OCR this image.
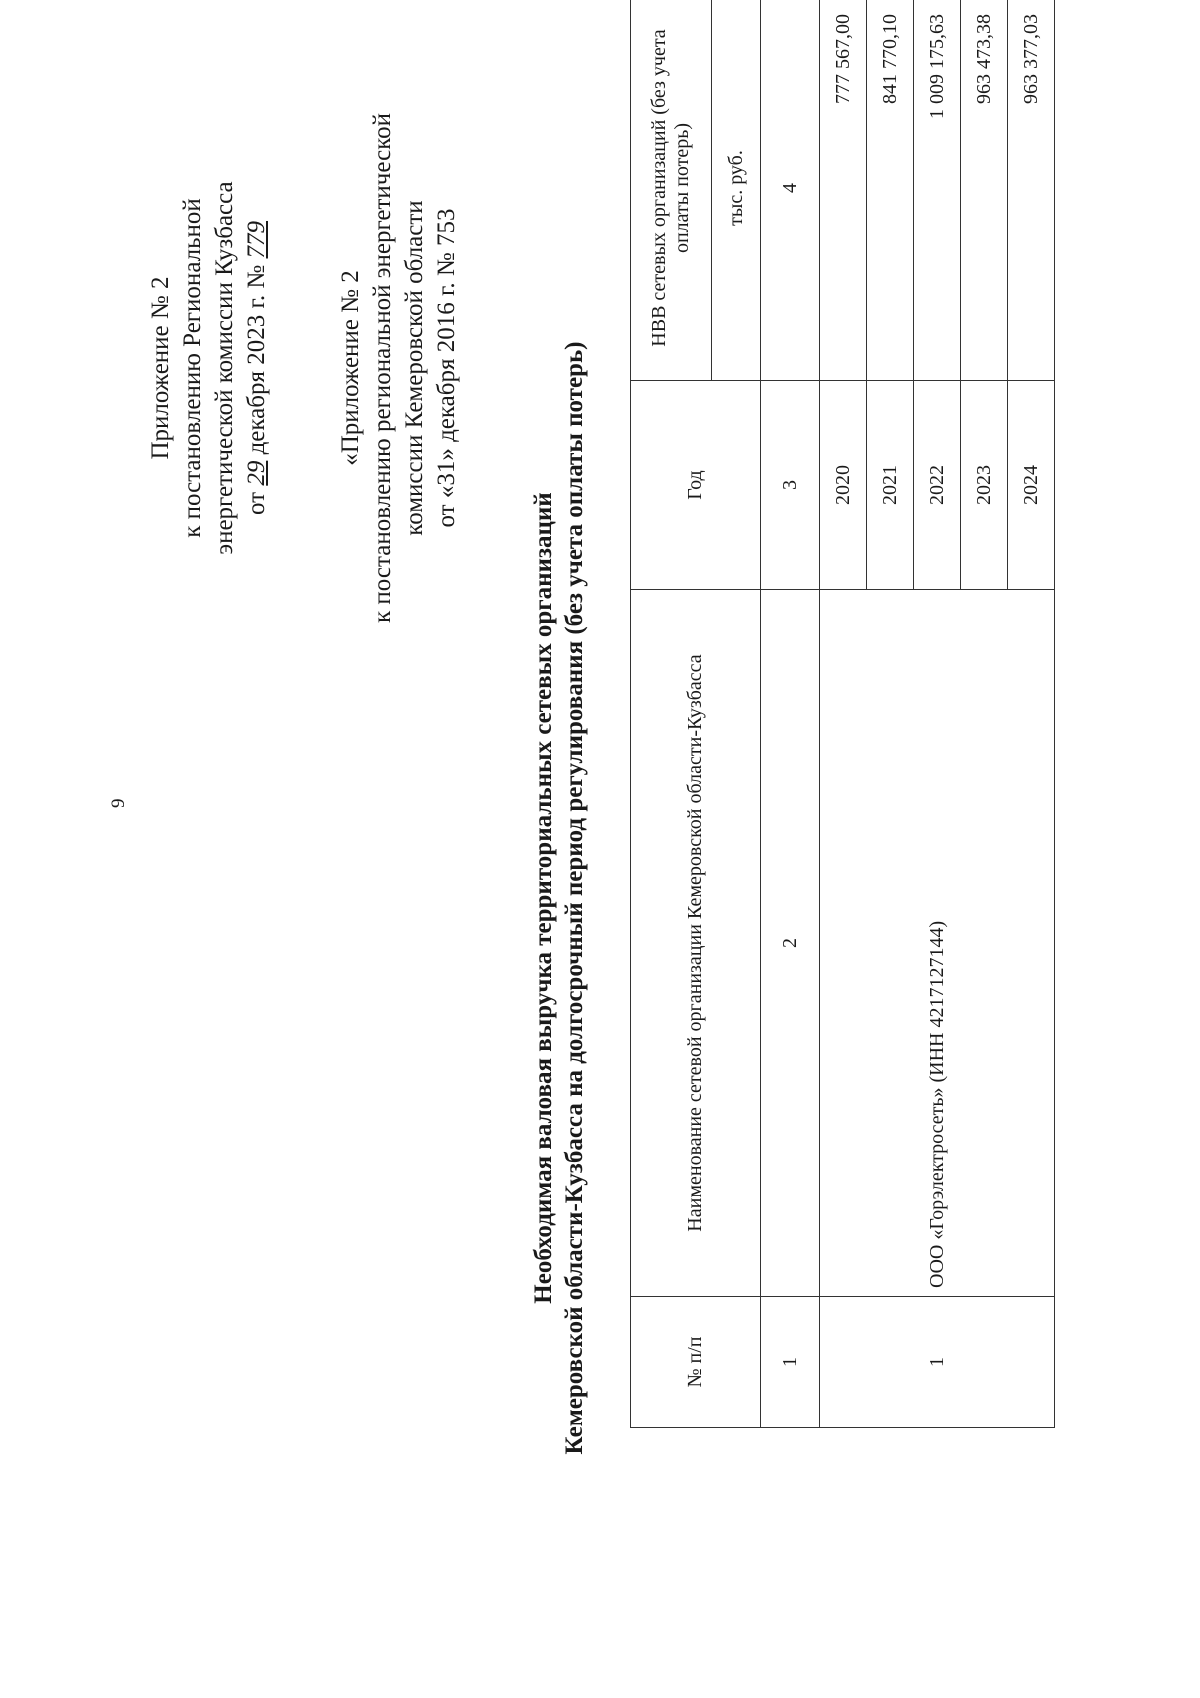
9
Приложение № 2 к постановлению Региональной энергетической комиссии Кузбасса от 29 декабря 2023 г. № 779
«Приложение № 2 к постановлению региональной энергетической комиссии Кемеровской области от «31» декабря 2016 г. № 753
Необходимая валовая выручка территориальных сетевых организаций Кемеровской области-Кузбасса на долгосрочный период регулирования (без учета оплаты потерь)	№ п/п	Наименование сетевой организации Кемеровской области-Кузбасса	Год	НВВ сетевых организаций (без учета оплаты потерь)
			тыс. руб.
1	2	3	4
1	ООО «Горэлектросеть» (ИНН 4217127144)	2020	777 567,00
		2021	841 770,10
		2022	1 009 175,63
		2023	963 473,38
		2024	963 377,03
